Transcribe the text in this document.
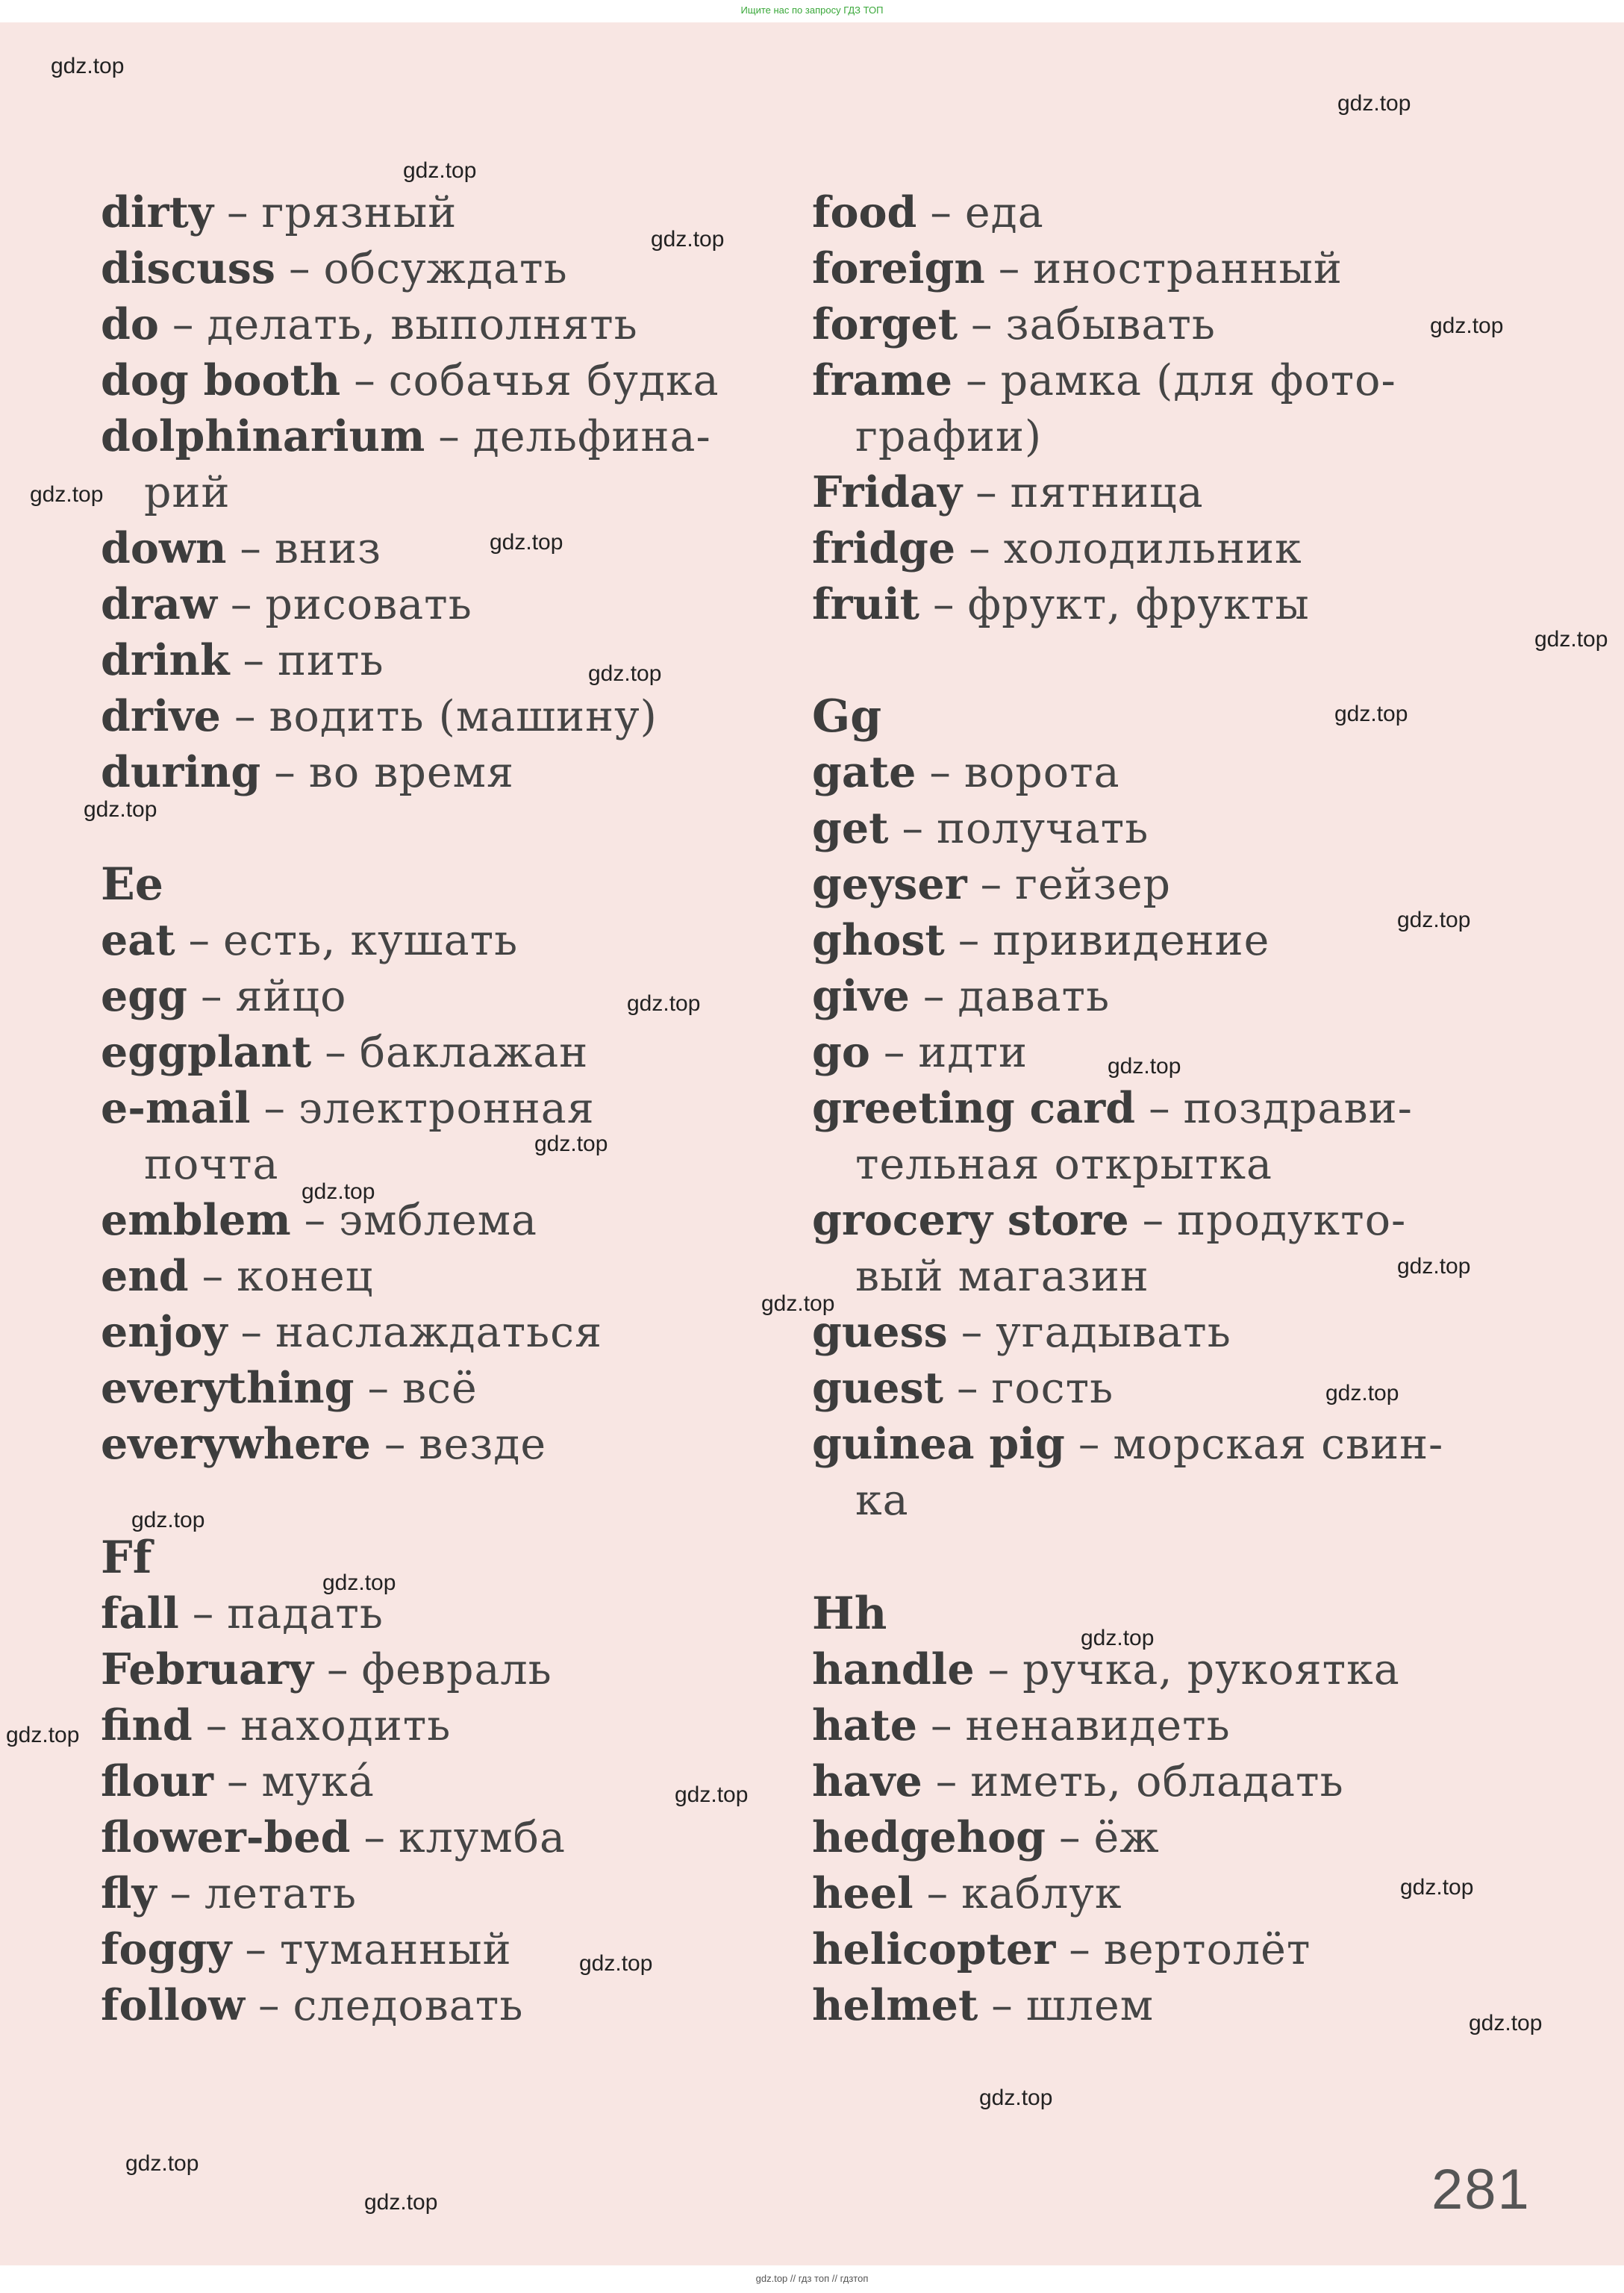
Ищите нас по запросу ГДЗ ТОП
dirty – грязный
discuss – обсуждать
do – делать, выполнять
dog booth – собачья будка
dolphinarium – дельфина-
рий
down – вниз
draw – рисовать
drink – пить
drive – водить (машину)
during – во время
Ee
eat – есть, кушать
egg – яйцо
eggplant – баклажан
e-mail – электронная
почта
emblem – эмблема
end – конец
enjoy – наслаждаться
everything – всё
everywhere – везде
Ff
fall – падать
February – февраль
find – находить
flour – мукá
flower-bed – клумба
fly – летать
foggy – туманный
follow – следовать
food – еда
foreign – иностранный
forget – забывать
frame – рамка (для фото-
графии)
Friday – пятница
fridge – холодильник
fruit – фрукт, фрукты
Gg
gate – ворота
get – получать
geyser – гейзер
ghost – привидение
give – давать
go – идти
greeting card – поздрави-
тельная открытка
grocery store – продукто-
вый магазин
guess – угадывать
guest – гость
guinea pig – морская свин-
ка
Hh
handle – ручка, рукоятка
hate – ненавидеть
have – иметь, обладать
hedgehog – ёж
heel – каблук
helicopter – вертолёт
helmet – шлем
281
gdz.top
gdz.top
gdz.top
gdz.top
gdz.top
gdz.top
gdz.top
gdz.top
gdz.top
gdz.top
gdz.top
gdz.top
gdz.top
gdz.top
gdz.top
gdz.top
gdz.top
gdz.top
gdz.top
gdz.top
gdz.top
gdz.top
gdz.top
gdz.top
gdz.top
gdz.top
gdz.top
gdz.top
gdz.top
gdz.top
gdz.top // гдз топ // гдзтоп
